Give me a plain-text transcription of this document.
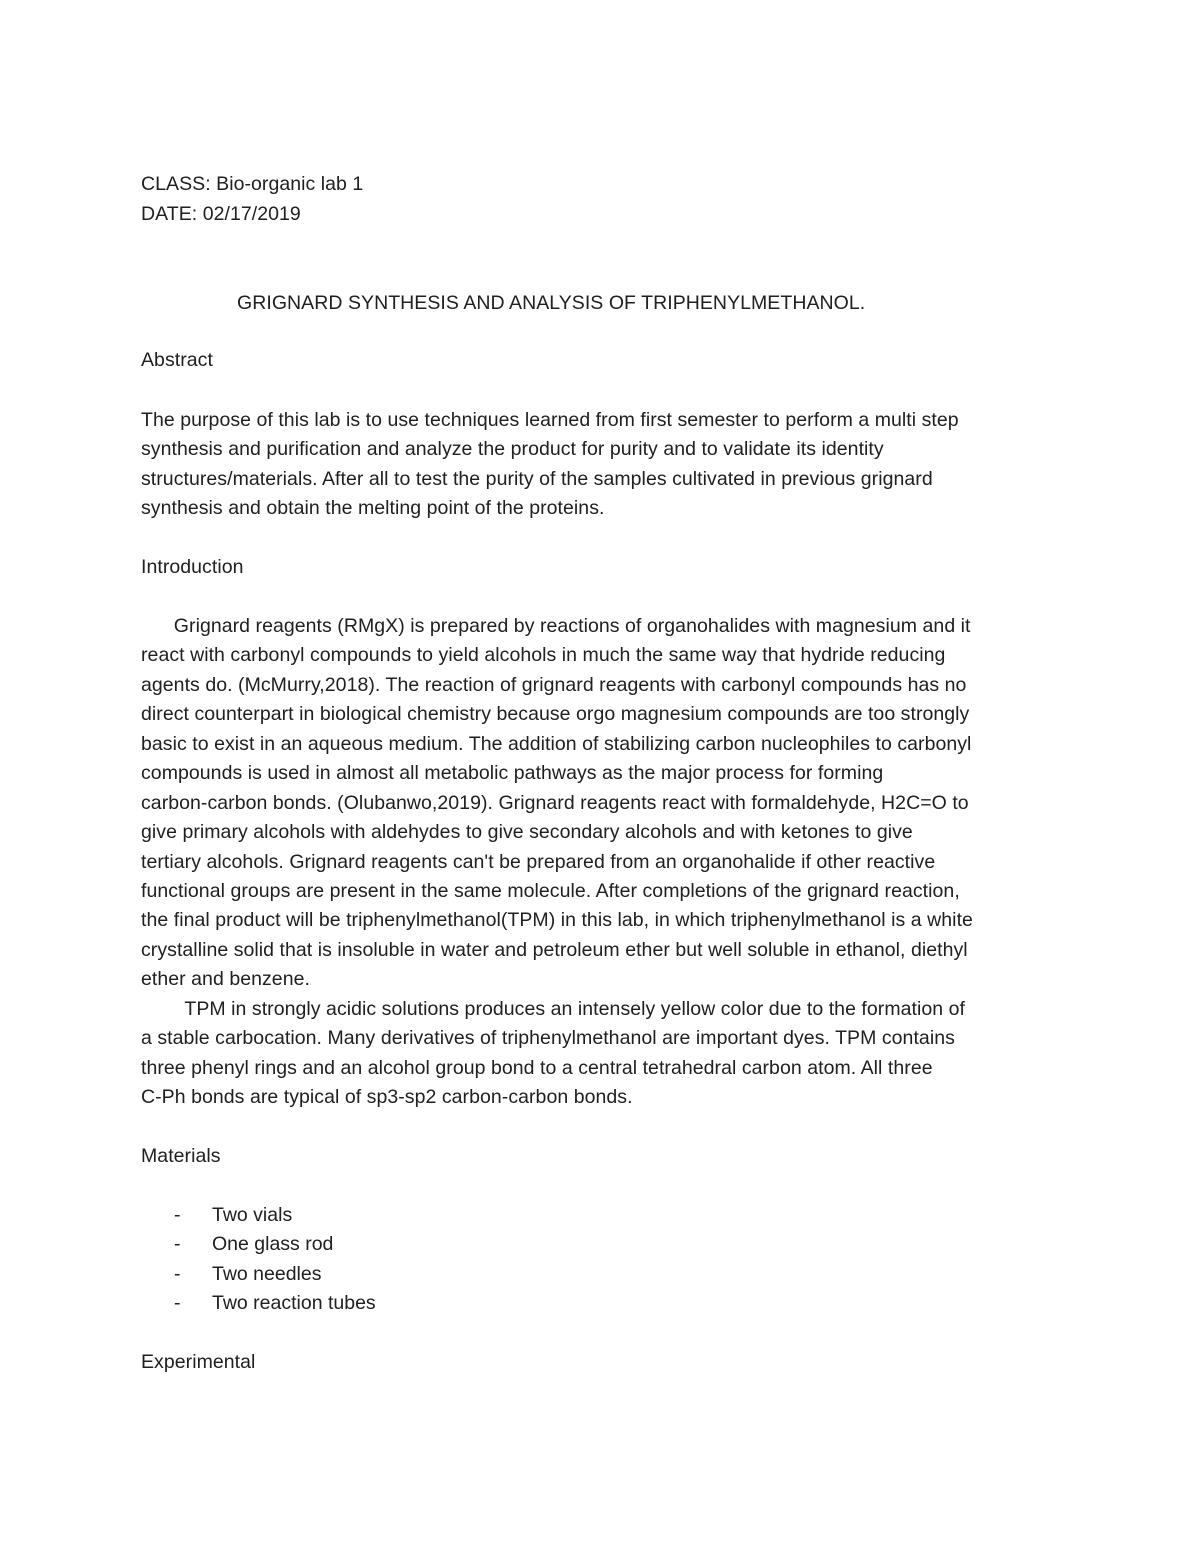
CLASS: Bio-organic lab 1
DATE: 02/17/2019
GRIGNARD SYNTHESIS AND ANALYSIS OF TRIPHENYLMETHANOL.
Abstract
The purpose of this lab is to use techniques learned from first semester to perform a multi step
synthesis and purification and analyze the product for purity and to validate its identity
structures/materials. After all to test the purity of the samples cultivated in previous grignard
synthesis and obtain the melting point of the proteins.
Introduction
Grignard reagents (RMgX) is prepared by reactions of organohalides with magnesium and it
react with carbonyl compounds to yield alcohols in much the same way that hydride reducing
agents do. (McMurry,2018). The reaction of grignard reagents with carbonyl compounds has no
direct counterpart in biological chemistry because orgo magnesium compounds are too strongly
basic to exist in an aqueous medium. The addition of stabilizing carbon nucleophiles to carbonyl
compounds is used in almost all metabolic pathways as the major process for forming
carbon-carbon bonds. (Olubanwo,2019). Grignard reagents react with formaldehyde, H2C=O to
give primary alcohols with aldehydes to give secondary alcohols and with ketones to give
tertiary alcohols. Grignard reagents can't be prepared from an organohalide if other reactive
functional groups are present in the same molecule. After completions of the grignard reaction,
the final product will be triphenylmethanol(TPM) in this lab, in which triphenylmethanol is a white
crystalline solid that is insoluble in water and petroleum ether but well soluble in ethanol, diethyl
ether and benzene.
TPM in strongly acidic solutions produces an intensely yellow color due to the formation of
a stable carbocation. Many derivatives of triphenylmethanol are important dyes. TPM contains
three phenyl rings and an alcohol group bond to a central tetrahedral carbon atom. All three
C-Ph bonds are typical of sp3-sp2 carbon-carbon bonds.
Materials
- Two vials
- One glass rod
- Two needles
- Two reaction tubes
Experimental
